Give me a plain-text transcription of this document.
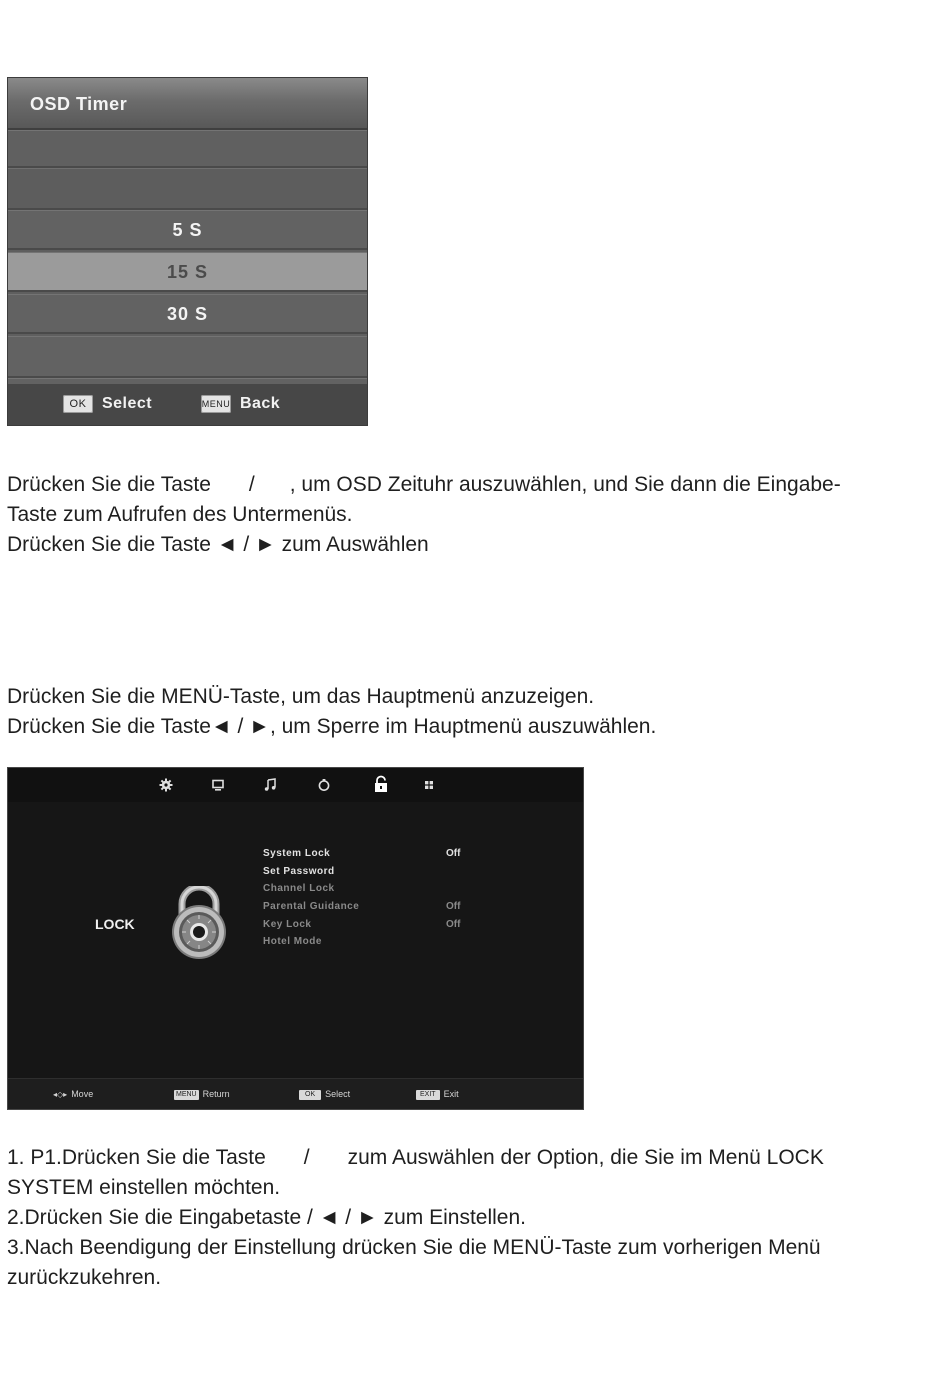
OSD Timer
5 S
15 S
30 S
OK Select	MENU Back
Drücken Sie die Taste / , um OSD Zeituhr auszuwählen, und Sie dann die Eingabe-
Taste zum Aufrufen des Untermenüs.
Drücken Sie die Taste ◄ / ► zum Auswählen
Drücken Sie die MENÜ-Taste, um das Hauptmenü anzuzeigen.
Drücken Sie die Taste◄ / ►, um Sperre im Hauptmenü auszuwählen.
LOCK
System Lock	Off
Set Password
Channel Lock
Parental Guidance	Off
Key Lock	Off
Hotel Mode
◂◇▸ Move	MENU Return	OK Select	EXIT Exit
1. P1.Drücken Sie die Taste / zum Auswählen der Option, die Sie im Menü LOCK
SYSTEM einstellen möchten.
2.Drücken Sie die Eingabetaste / ◄ / ► zum Einstellen.
3.Nach Beendigung der Einstellung drücken Sie die MENÜ-Taste zum vorherigen Menü
zurückzukehren.
